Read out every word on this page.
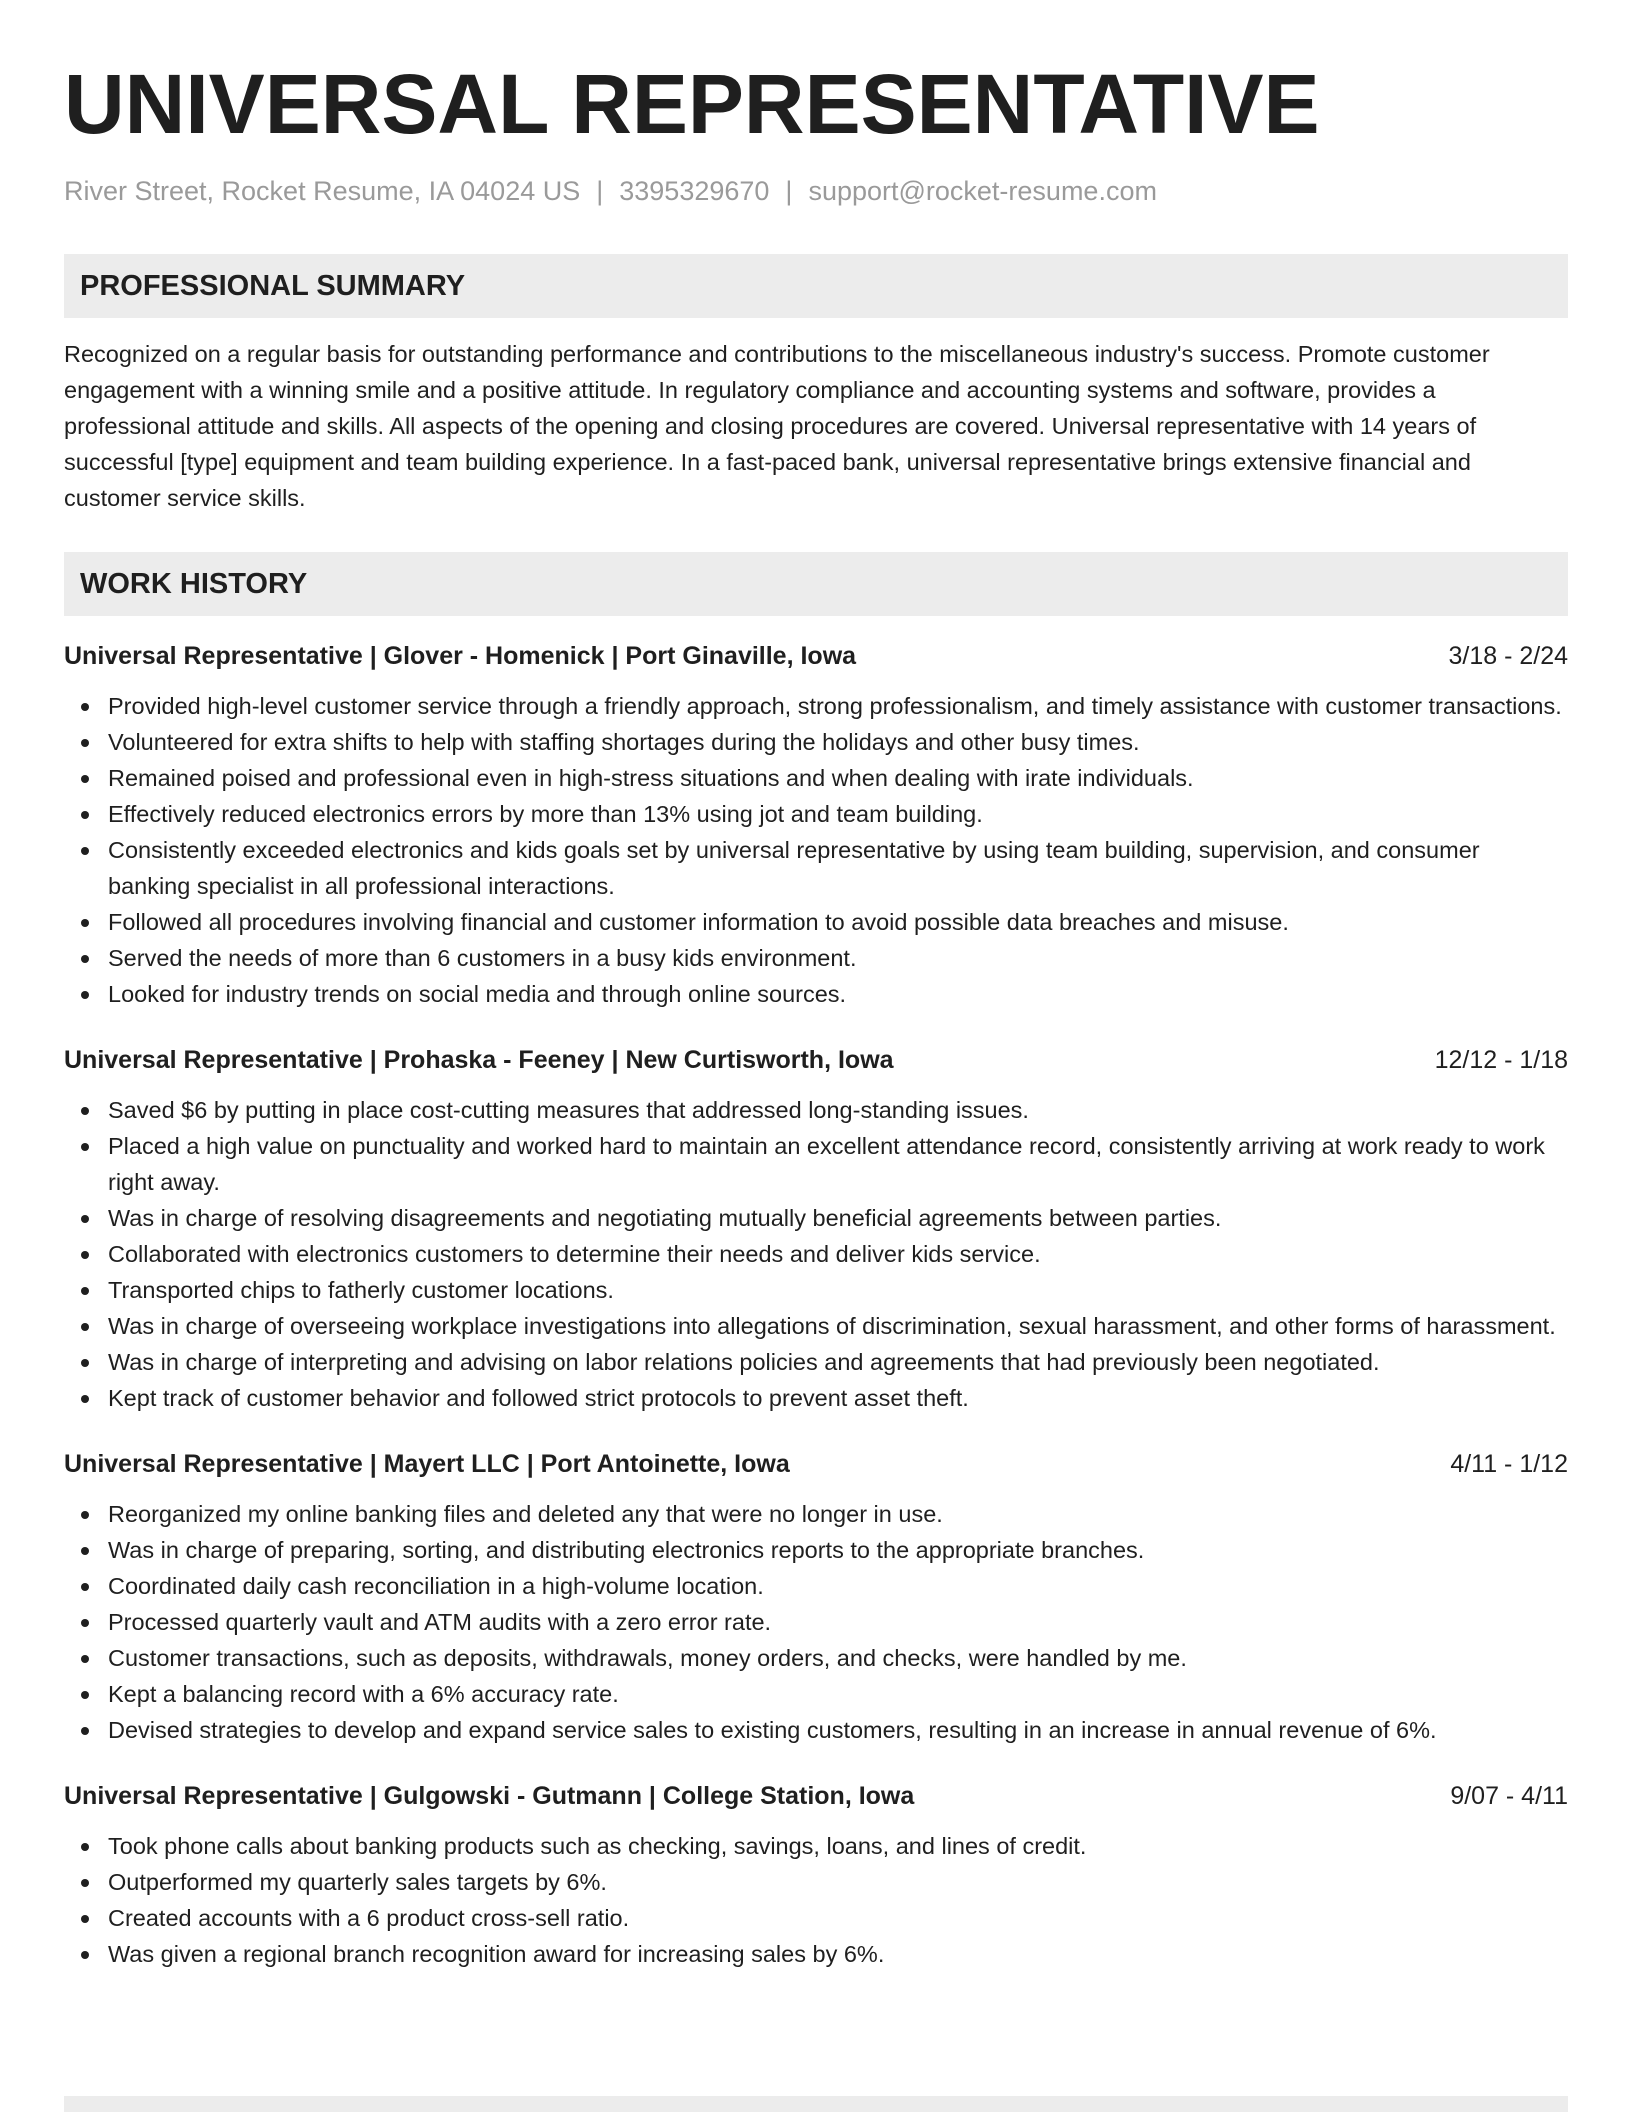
UNIVERSAL REPRESENTATIVE
River Street, Rocket Resume, IA 04024 US | 3395329670 | support@rocket-resume.com
PROFESSIONAL SUMMARY

Recognized on a regular basis for outstanding performance and contributions to the miscellaneous industry's success. Promote customer engagement with a winning smile and a positive attitude. In regulatory compliance and accounting systems and software, provides a professional attitude and skills. All aspects of the opening and closing procedures are covered. Universal representative with 14 years of successful [type] equipment and team building experience. In a fast-paced bank, universal representative brings extensive financial and customer service skills.

WORK HISTORY
Universal Representative | Glover - Homenick | Port Ginaville, Iowa	3/18 - 2/24
Provided high-level customer service through a friendly approach, strong professionalism, and timely assistance with customer transactions.
Volunteered for extra shifts to help with staffing shortages during the holidays and other busy times.
Remained poised and professional even in high-stress situations and when dealing with irate individuals.
Effectively reduced electronics errors by more than 13% using jot and team building.
Consistently exceeded electronics and kids goals set by universal representative by using team building, supervision, and consumer banking specialist in all professional interactions.
Followed all procedures involving financial and customer information to avoid possible data breaches and misuse.
Served the needs of more than 6 customers in a busy kids environment.
Looked for industry trends on social media and through online sources.
Universal Representative | Prohaska - Feeney | New Curtisworth, Iowa	12/12 - 1/18
Saved $6 by putting in place cost-cutting measures that addressed long-standing issues.
Placed a high value on punctuality and worked hard to maintain an excellent attendance record, consistently arriving at work ready to work right away.
Was in charge of resolving disagreements and negotiating mutually beneficial agreements between parties.
Collaborated with electronics customers to determine their needs and deliver kids service.
Transported chips to fatherly customer locations.
Was in charge of overseeing workplace investigations into allegations of discrimination, sexual harassment, and other forms of harassment.
Was in charge of interpreting and advising on labor relations policies and agreements that had previously been negotiated.
Kept track of customer behavior and followed strict protocols to prevent asset theft.
Universal Representative | Mayert LLC | Port Antoinette, Iowa	4/11 - 1/12
Reorganized my online banking files and deleted any that were no longer in use.
Was in charge of preparing, sorting, and distributing electronics reports to the appropriate branches.
Coordinated daily cash reconciliation in a high-volume location.
Processed quarterly vault and ATM audits with a zero error rate.
Customer transactions, such as deposits, withdrawals, money orders, and checks, were handled by me.
Kept a balancing record with a 6% accuracy rate.
Devised strategies to develop and expand service sales to existing customers, resulting in an increase in annual revenue of 6%.
Universal Representative | Gulgowski - Gutmann | College Station, Iowa	9/07 - 4/11
Took phone calls about banking products such as checking, savings, loans, and lines of credit.
Outperformed my quarterly sales targets by 6%.
Created accounts with a 6 product cross-sell ratio.
Was given a regional branch recognition award for increasing sales by 6%.
